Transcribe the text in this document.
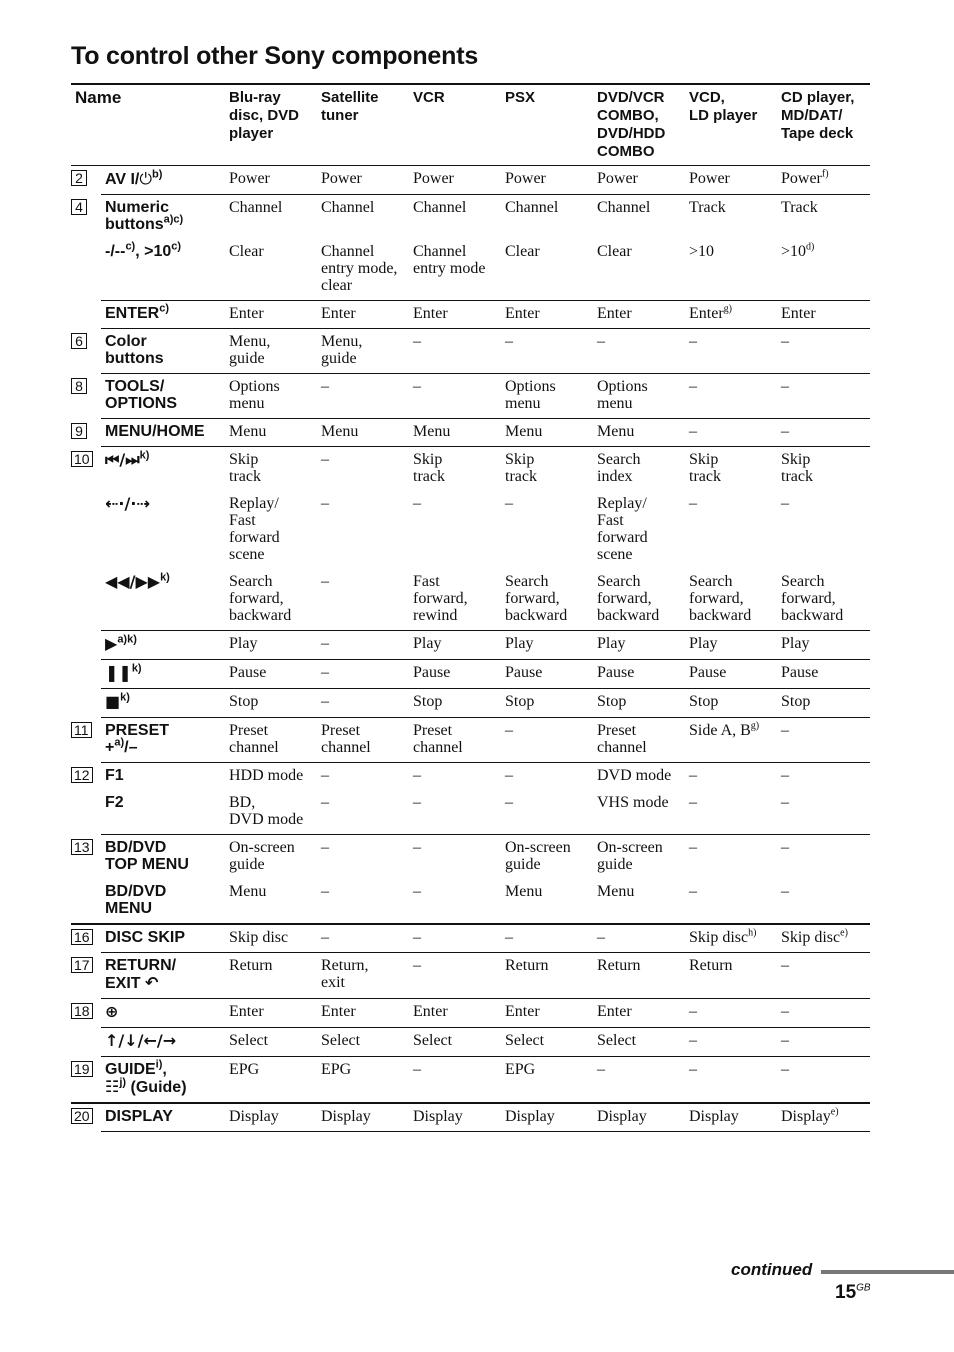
To control other Sony components
Name		Blu-ray
disc, DVD
player	Satellite
tuner	VCR	PSX	DVD/VCR
COMBO,
DVD/HDD
COMBO	VCD,
LD player	CD player,
MD/DAT/
Tape deck
2	AV I/⏻$^{b)}$	Power	Power	Power	Power	Power	Power	Power$^{f)}$
4	Numeric
buttons$^{a)c)}$	Channel	Channel	Channel	Channel	Channel	Track	Track
	-/--$^{c)}$, $>10^{c)}$	Clear	Channel
entry mode,
clear	Channel
entry mode	Clear	Clear	>10	$>10^{d)}$
	ENTER$^{c)}$	Enter	Enter	Enter	Enter	Enter	Enter$^{g)}$	Enter
6	Color
buttons	Menu,
guide	Menu,
guide	–	–	–	–	–
8	TOOLS/
OPTIONS	Options
menu	–	–	Options
menu	Options
menu	–	–
9	MENU/HOME	Menu	Menu	Menu	Menu	Menu	–	–
10	⏮/⏭$^{k)}$	Skip
track	–	Skip
track	Skip
track	Search
index	Skip
track	Skip
track
	⇠·/·⇢	Replay/
Fast
forward
scene	–	–	–	Replay/
Fast
forward
scene	–	–
	◀◀/▶▶$^{k)}$	Search
forward,
backward	–	Fast
forward,
rewind	Search
forward,
backward	Search
forward,
backward	Search
forward,
backward	Search
forward,
backward
	▶$^{a)k)}$	Play	–	Play	Play	Play	Play	Play
	❚❚$^{k)}$	Pause	–	Pause	Pause	Pause	Pause	Pause
	■$^{k)}$	Stop	–	Stop	Stop	Stop	Stop	Stop
11	PRESET
+$^{a)}$/–	Preset
channel	Preset
channel	Preset
channel	–	Preset
channel	Side A, $B^{g)}$	–
12	F1	HDD mode	–	–	–	DVD mode	–	–
	F2	BD,
DVD mode	–	–	–	VHS mode	–	–
13	BD/DVD
TOP MENU	On-screen
guide	–	–	On-screen
guide	On-screen
guide	–	–
	BD/DVD
MENU	Menu	–	–	Menu	Menu	–	–
16	DISC SKIP	Skip disc	–	–	–	–	Skip disc$^{h)}$	Skip disc$^{e)}$
17	RETURN/
EXIT ↶	Return	Return,
exit	–	Return	Return	Return	–
18	⊕	Enter	Enter	Enter	Enter	Enter	–	–
	↑/↓/←/→	Select	Select	Select	Select	Select	–	–
19	GUIDE$^{i)}$,
☷$^{j)}$ (Guide)	EPG	EPG	–	EPG	–	–	–
20	DISPLAY	Display	Display	Display	Display	Display	Display	Display$^{e)}$
continued
$15^{GB}$
